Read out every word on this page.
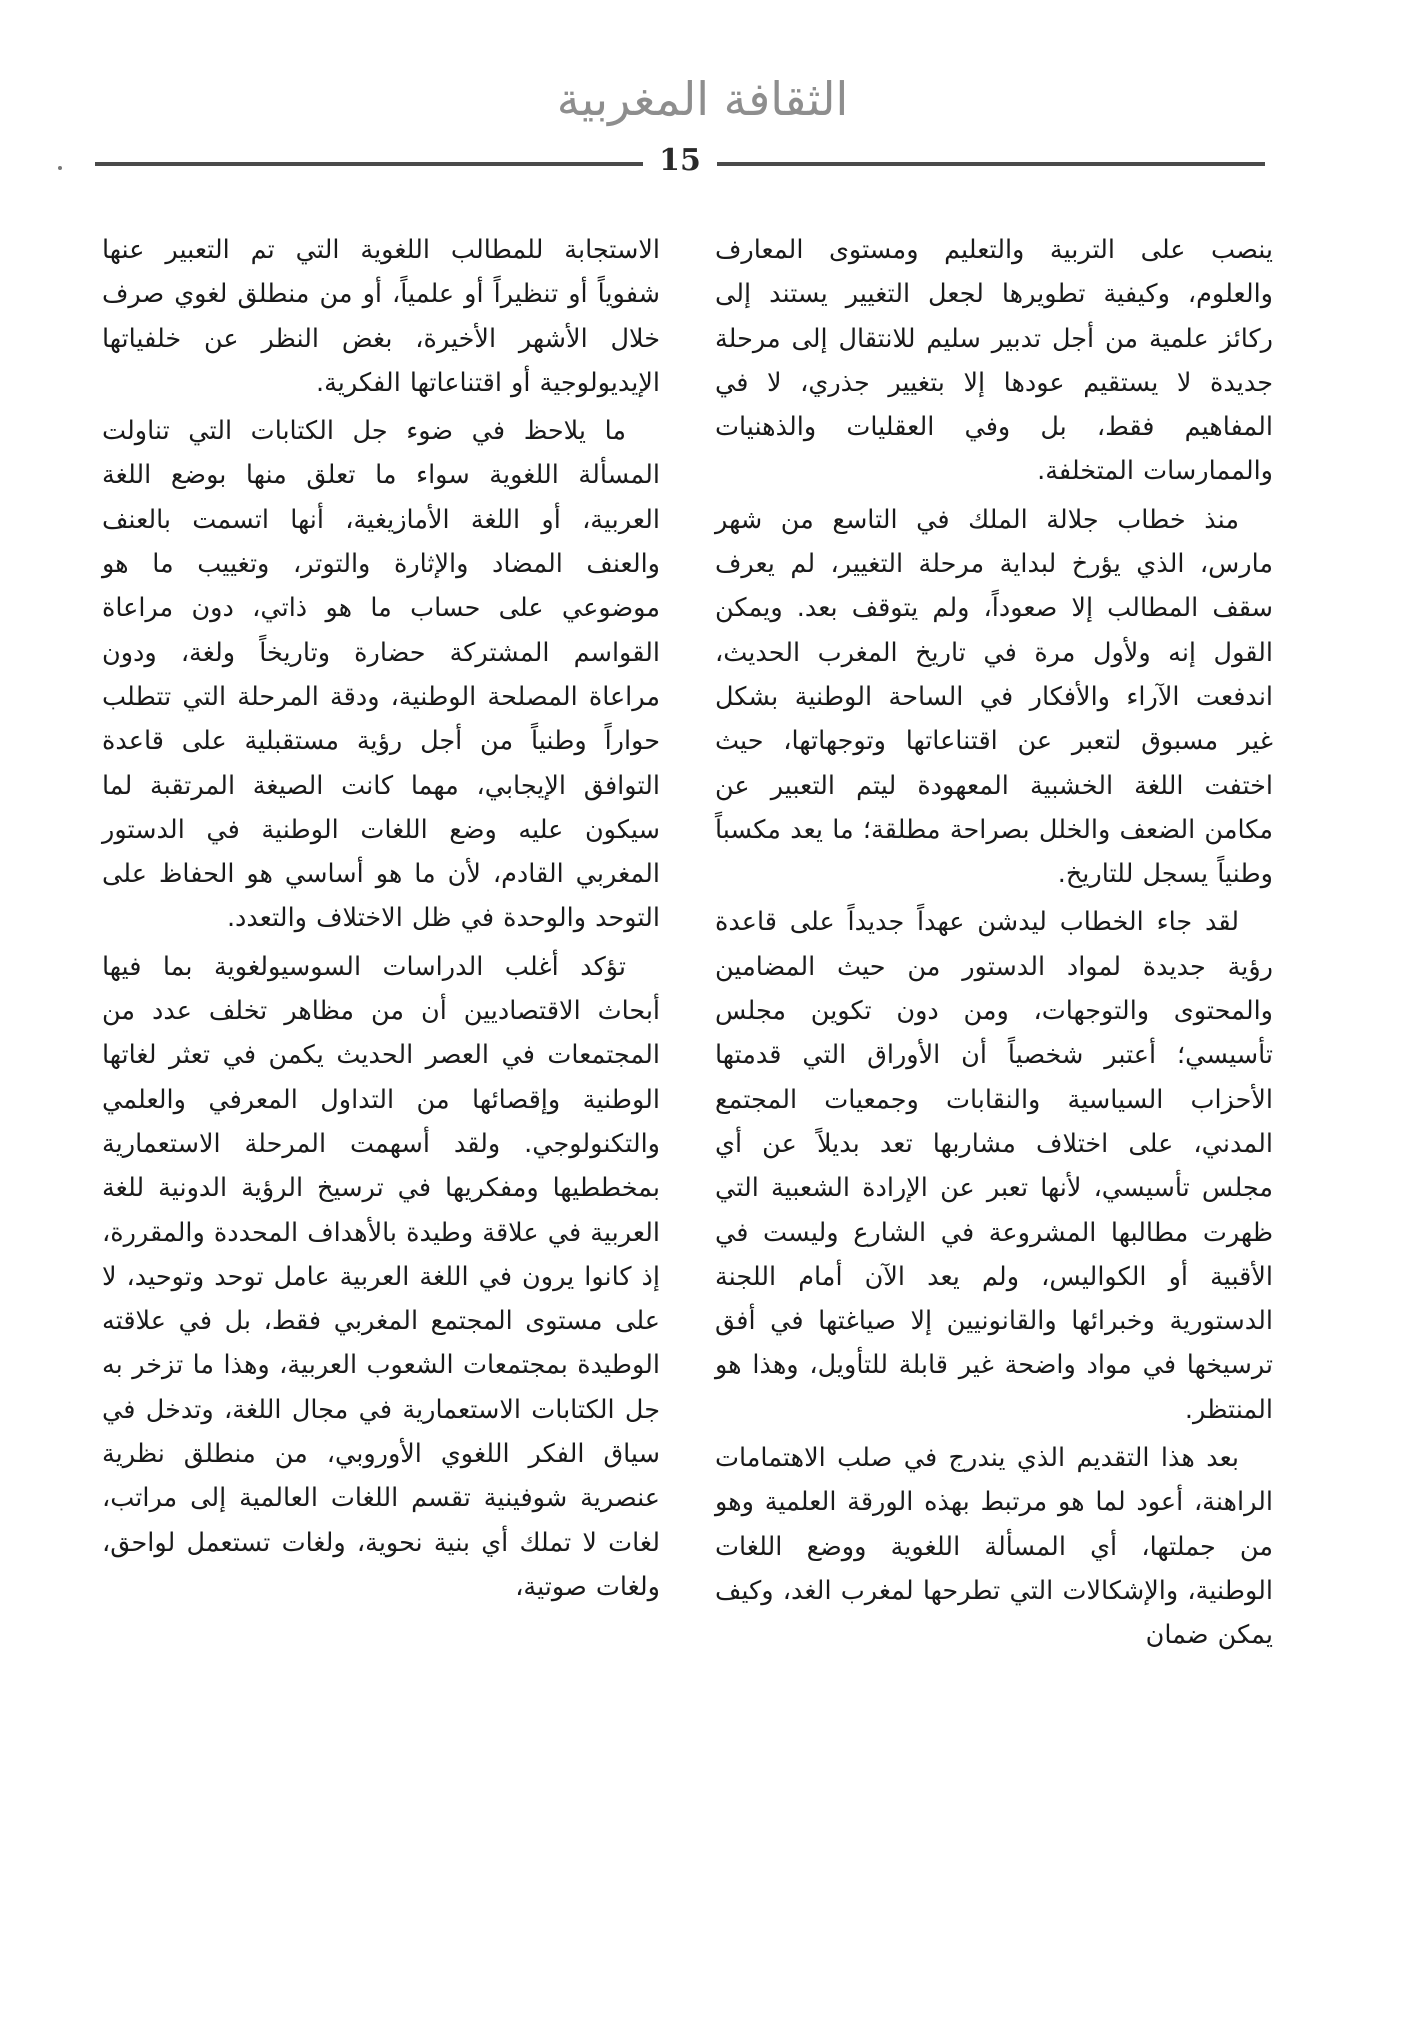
الثقافة المغربية
15

ينصب على التربية والتعليم ومستوى المعارف والعلوم، وكيفية تطويرها لجعل التغيير يستند إلى ركائز علمية من أجل تدبير سليم للانتقال إلى مرحلة جديدة لا يستقيم عودها إلا بتغيير جذري، لا في المفاهيم فقط، بل وفي العقليات والذهنيات والممارسات المتخلفة.

منذ خطاب جلالة الملك في التاسع من شهر مارس، الذي يؤرخ لبداية مرحلة التغيير، لم يعرف سقف المطالب إلا صعوداً، ولم يتوقف بعد. ويمكن القول إنه ولأول مرة في تاريخ المغرب الحديث، اندفعت الآراء والأفكار في الساحة الوطنية بشكل غير مسبوق لتعبر عن اقتناعاتها وتوجهاتها، حيث اختفت اللغة الخشبية المعهودة ليتم التعبير عن مكامن الضعف والخلل بصراحة مطلقة؛ ما يعد مكسباً وطنياً يسجل للتاريخ.

لقد جاء الخطاب ليدشن عهداً جديداً على قاعدة رؤية جديدة لمواد الدستور من حيث المضامين والمحتوى والتوجهات، ومن دون تكوين مجلس تأسيسي؛ أعتبر شخصياً أن الأوراق التي قدمتها الأحزاب السياسية والنقابات وجمعيات المجتمع المدني، على اختلاف مشاربها تعد بديلاً عن أي مجلس تأسيسي، لأنها تعبر عن الإرادة الشعبية التي ظهرت مطالبها المشروعة في الشارع وليست في الأقبية أو الكواليس، ولم يعد الآن أمام اللجنة الدستورية وخبرائها والقانونيين إلا صياغتها في أفق ترسيخها في مواد واضحة غير قابلة للتأويل، وهذا هو المنتظر.

بعد هذا التقديم الذي يندرج في صلب الاهتمامات الراهنة، أعود لما هو مرتبط بهذه الورقة العلمية وهو من جملتها، أي المسألة اللغوية ووضع اللغات الوطنية، والإشكالات التي تطرحها لمغرب الغد، وكيف يمكن ضمان

الاستجابة للمطالب اللغوية التي تم التعبير عنها شفوياً أو تنظيراً أو علمياً، أو من منطلق لغوي صرف خلال الأشهر الأخيرة، بغض النظر عن خلفياتها الإيديولوجية أو اقتناعاتها الفكرية.

ما يلاحظ في ضوء جل الكتابات التي تناولت المسألة اللغوية سواء ما تعلق منها بوضع اللغة العربية، أو اللغة الأمازيغية، أنها اتسمت بالعنف والعنف المضاد والإثارة والتوتر، وتغييب ما هو موضوعي على حساب ما هو ذاتي، دون مراعاة القواسم المشتركة حضارة وتاريخاً ولغة، ودون مراعاة المصلحة الوطنية، ودقة المرحلة التي تتطلب حواراً وطنياً من أجل رؤية مستقبلية على قاعدة التوافق الإيجابي، مهما كانت الصيغة المرتقبة لما سيكون عليه وضع اللغات الوطنية في الدستور المغربي القادم، لأن ما هو أساسي هو الحفاظ على التوحد والوحدة في ظل الاختلاف والتعدد.

تؤكد أغلب الدراسات السوسيولغوية بما فيها أبحاث الاقتصاديين أن من مظاهر تخلف عدد من المجتمعات في العصر الحديث يكمن في تعثر لغاتها الوطنية وإقصائها من التداول المعرفي والعلمي والتكنولوجي. ولقد أسهمت المرحلة الاستعمارية بمخططيها ومفكريها في ترسيخ الرؤية الدونية للغة العربية في علاقة وطيدة بالأهداف المحددة والمقررة، إذ كانوا يرون في اللغة العربية عامل توحد وتوحيد، لا على مستوى المجتمع المغربي فقط، بل في علاقته الوطيدة بمجتمعات الشعوب العربية، وهذا ما تزخر به جل الكتابات الاستعمارية في مجال اللغة، وتدخل في سياق الفكر اللغوي الأوروبي، من منطلق نظرية عنصرية شوفينية تقسم اللغات العالمية إلى مراتب، لغات لا تملك أي بنية نحوية، ولغات تستعمل لواحق، ولغات صوتية،
